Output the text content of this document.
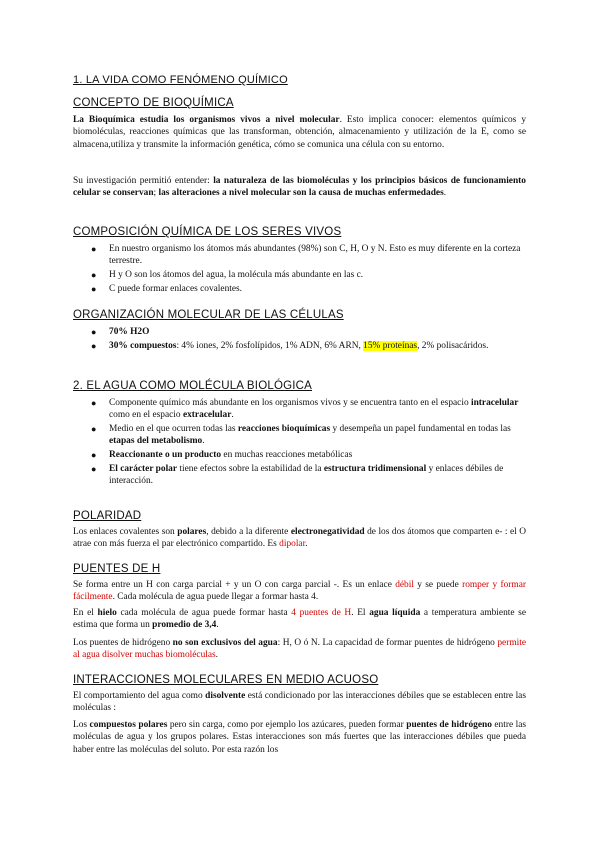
1. LA VIDA COMO FENÓMENO QUÍMICO
CONCEPTO DE BIOQUÍMICA
La Bioquímica estudia los organismos vivos a nivel molecular. Esto implica conocer: elementos químicos y biomoléculas, reacciones químicas que las transforman, obtención, almacenamiento y utilización de la E, como se almacena,utiliza y transmite la información genética, cómo se comunica una célula con su entorno.
Su investigación permitió entender: la naturaleza de las biomoléculas y los principios básicos de funcionamiento celular se conservan; las alteraciones a nivel molecular son la causa de muchas enfermedades.
COMPOSICIÓN QUÍMICA DE LOS SERES VIVOS
● En nuestro organismo los átomos más abundantes (98%) son C, H, O y N. Esto es muy diferente en la corteza terrestre.
● H y O son los átomos del agua, la molécula más abundante en las c.
● C puede formar enlaces covalentes.
ORGANIZACIÓN MOLECULAR DE LAS CÉLULAS
● 70% H2O
● 30% compuestos: 4% iones, 2% fosfolípidos, 1% ADN, 6% ARN, 15% proteínas, 2% polisacáridos.
2. EL AGUA COMO MOLÉCULA BIOLÓGICA
● Componente químico más abundante en los organismos vivos y se encuentra tanto en el espacio intracelular como en el espacio extracelular.
● Medio en el que ocurren todas las reacciones bioquímicas y desempeña un papel fundamental en todas las etapas del metabolismo.
● Reaccionante o un producto en muchas reacciones metabólicas
● El carácter polar tiene efectos sobre la estabilidad de la estructura tridimensional y enlaces débiles de interacción.
POLARIDAD
Los enlaces covalentes son polares, debido a la diferente electronegatividad de los dos átomos que comparten e- : el O atrae con más fuerza el par electrónico compartido. Es dipolar.
PUENTES DE H
Se forma entre un H con carga parcial + y un O con carga parcial -. Es un enlace débil y se puede romper y formar fácilmente. Cada molécula de agua puede llegar a formar hasta 4.
En el hielo cada molécula de agua puede formar hasta 4 puentes de H. El agua líquida a temperatura ambiente se estima que forma un promedio de 3,4.
Los puentes de hidrógeno no son exclusivos del agua: H, O ó N. La capacidad de formar puentes de hidrógeno permite al agua disolver muchas biomoléculas.
INTERACCIONES MOLECULARES EN MEDIO ACUOSO
El comportamiento del agua como disolvente está condicionado por las interacciones débiles que se establecen entre las moléculas :
Los compuestos polares pero sin carga, como por ejemplo los azúcares, pueden formar puentes de hidrógeno entre las moléculas de agua y los grupos polares. Estas interacciones son más fuertes que las interacciones débiles que pueda haber entre las moléculas del soluto. Por esta razón los
